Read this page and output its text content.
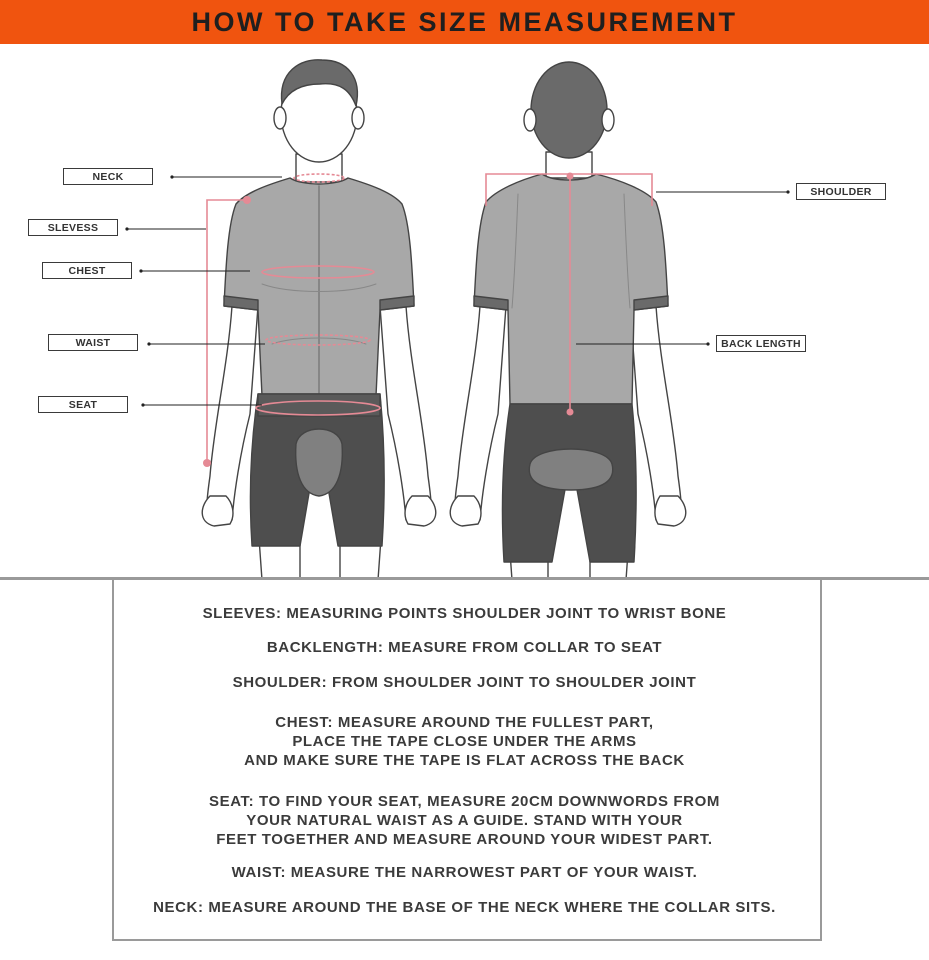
HOW TO TAKE SIZE MEASUREMENT
NECK
SLEVESS
CHEST
WAIST
SEAT
SHOULDER
BACK LENGTH
SLEEVES: MEASURING POINTS SHOULDER JOINT TO WRIST BONE
BACKLENGTH: MEASURE FROM COLLAR TO SEAT
SHOULDER: FROM SHOULDER JOINT TO SHOULDER JOINT
CHEST: MEASURE AROUND THE FULLEST PART,
PLACE THE TAPE CLOSE UNDER THE ARMS
AND MAKE SURE THE TAPE IS FLAT ACROSS THE BACK
SEAT: TO FIND YOUR SEAT, MEASURE 20CM DOWNWORDS FROM
YOUR NATURAL WAIST AS A GUIDE. STAND WITH YOUR
FEET TOGETHER AND MEASURE AROUND YOUR WIDEST PART.
WAIST: MEASURE THE NARROWEST PART OF YOUR WAIST.
NECK: MEASURE AROUND THE BASE OF THE NECK WHERE THE COLLAR SITS.
